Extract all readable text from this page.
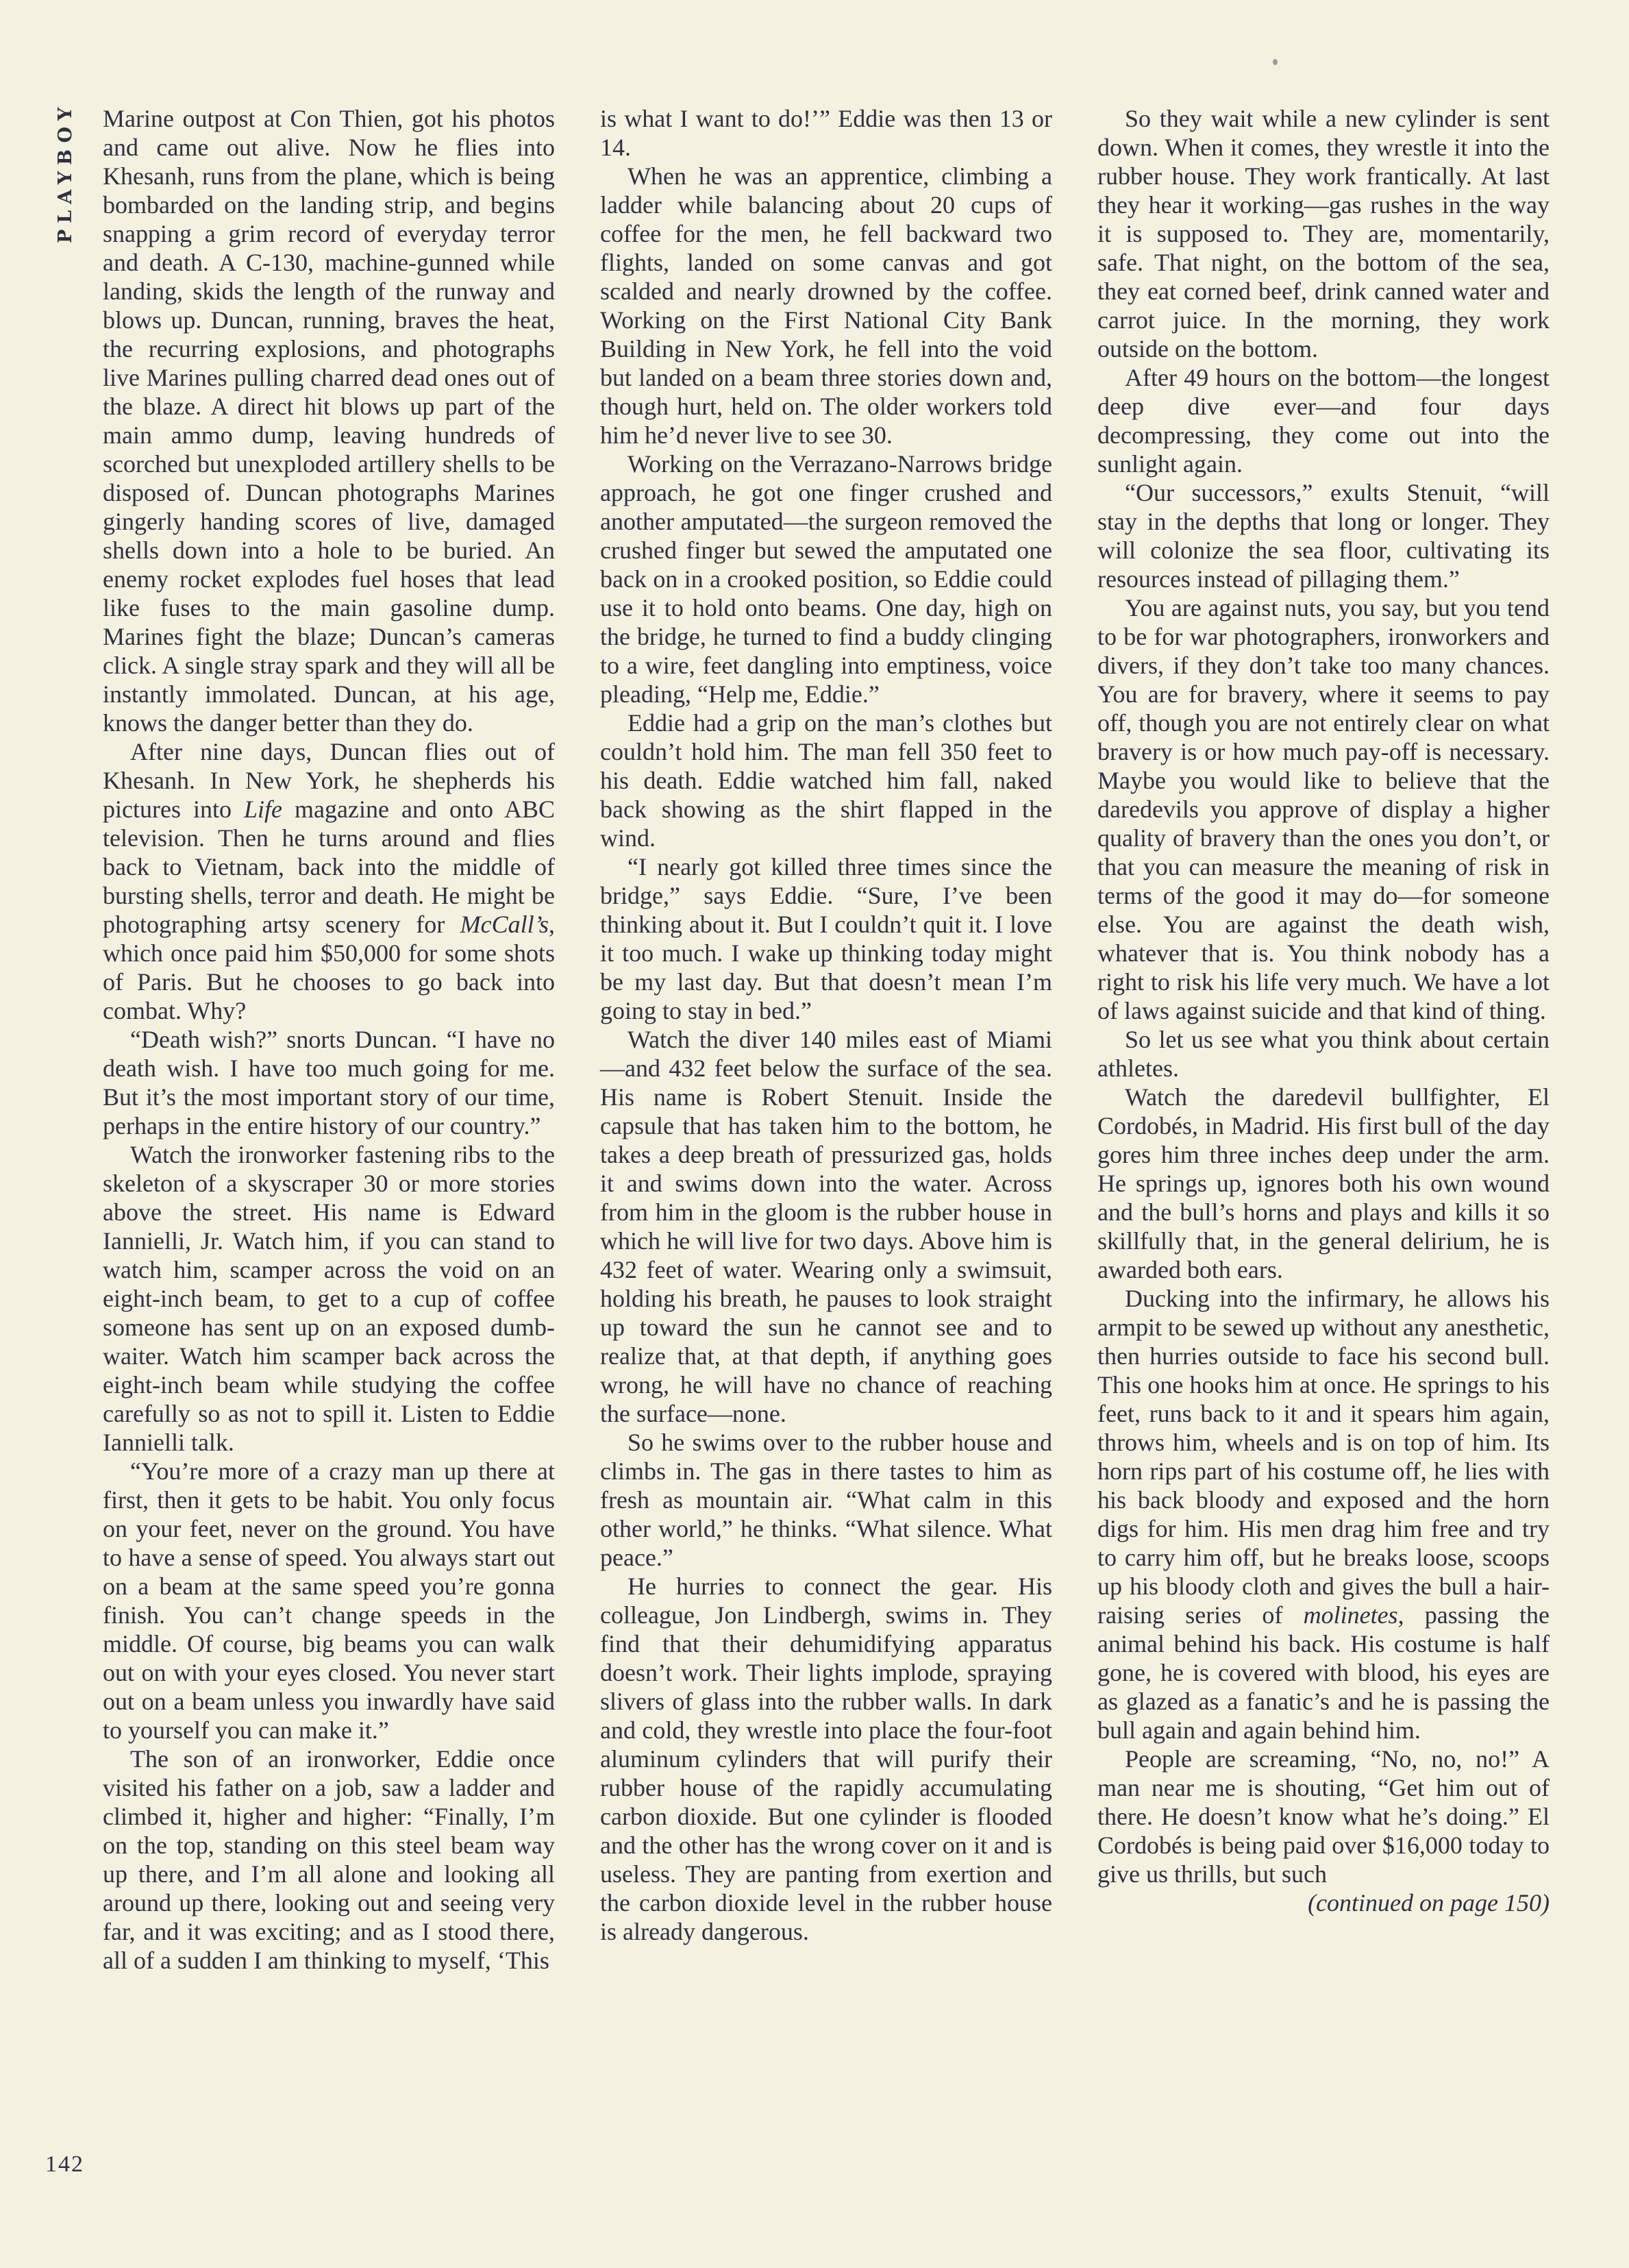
PLAYBOY Marine outpost at Con Thien, got his photos and came out alive. Now he flies into Khesanh, runs from the plane, which is being bombarded on the landing strip, and begins snapping a grim record of everyday terror and death. A C-130, machine-gunned while landing, skids the length of the runway and blows up. Duncan, running, braves the heat, the recurring explosions, and photographs live Marines pulling charred dead ones out of the blaze. A direct hit blows up part of the main ammo dump, leaving hundreds of scorched but unexploded artillery shells to be disposed of. Duncan photographs Marines gingerly handing scores of live, damaged shells down into a hole to be buried. An enemy rocket explodes fuel hoses that lead like fuses to the main gasoline dump. Marines fight the blaze; Duncan’s cameras click. A single stray spark and they will all be instantly immolated. Duncan, at his age, knows the danger better than they do.

After nine days, Duncan flies out of Khesanh. In New York, he shepherds his pictures into Life magazine and onto ABC television. Then he turns around and flies back to Vietnam, back into the middle of bursting shells, terror and death. He might be photographing artsy scenery for McCall’s, which once paid him $50,000 for some shots of Paris. But he chooses to go back into combat. Why?

“Death wish?” snorts Duncan. “I have no death wish. I have too much going for me. But it’s the most important story of our time, perhaps in the entire history of our country.”

Watch the ironworker fastening ribs to the skeleton of a skyscraper 30 or more stories above the street. His name is Edward Iannielli, Jr. Watch him, if you can stand to watch him, scamper across the void on an eight-inch beam, to get to a cup of coffee someone has sent up on an exposed dumb-waiter. Watch him scamper back across the eight-inch beam while studying the coffee carefully so as not to spill it. Listen to Eddie Iannielli talk.

“You’re more of a crazy man up there at first, then it gets to be habit. You only focus on your feet, never on the ground. You have to have a sense of speed. You always start out on a beam at the same speed you’re gonna finish. You can’t change speeds in the middle. Of course, big beams you can walk out on with your eyes closed. You never start out on a beam unless you inwardly have said to yourself you can make it.”

The son of an ironworker, Eddie once visited his father on a job, saw a ladder and climbed it, higher and higher: “Finally, I’m on the top, standing on this steel beam way up there, and I’m all alone and looking all around up there, looking out and seeing very far, and it was exciting; and as I stood there, all of a sudden I am thinking to myself, ‘This

is what I want to do!’” Eddie was then 13 or 14.

When he was an apprentice, climbing a ladder while balancing about 20 cups of coffee for the men, he fell backward two flights, landed on some canvas and got scalded and nearly drowned by the coffee. Working on the First National City Bank Building in New York, he fell into the void but landed on a beam three stories down and, though hurt, held on. The older workers told him he’d never live to see 30.

Working on the Verrazano-Narrows bridge approach, he got one finger crushed and another amputated—the surgeon removed the crushed finger but sewed the amputated one back on in a crooked position, so Eddie could use it to hold onto beams. One day, high on the bridge, he turned to find a buddy clinging to a wire, feet dangling into emptiness, voice pleading, “Help me, Eddie.”

Eddie had a grip on the man’s clothes but couldn’t hold him. The man fell 350 feet to his death. Eddie watched him fall, naked back showing as the shirt flapped in the wind.

“I nearly got killed three times since the bridge,” says Eddie. “Sure, I’ve been thinking about it. But I couldn’t quit it. I love it too much. I wake up thinking today might be my last day. But that doesn’t mean I’m going to stay in bed.”

Watch the diver 140 miles east of Miami—and 432 feet below the surface of the sea. His name is Robert Stenuit. Inside the capsule that has taken him to the bottom, he takes a deep breath of pressurized gas, holds it and swims down into the water. Across from him in the gloom is the rubber house in which he will live for two days. Above him is 432 feet of water. Wearing only a swimsuit, holding his breath, he pauses to look straight up toward the sun he cannot see and to realize that, at that depth, if anything goes wrong, he will have no chance of reaching the surface—none.

So he swims over to the rubber house and climbs in. The gas in there tastes to him as fresh as mountain air. “What calm in this other world,” he thinks. “What silence. What peace.”

He hurries to connect the gear. His colleague, Jon Lindbergh, swims in. They find that their dehumidifying apparatus doesn’t work. Their lights implode, spraying slivers of glass into the rubber walls. In dark and cold, they wrestle into place the four-foot aluminum cylinders that will purify their rubber house of the rapidly accumulating carbon dioxide. But one cylinder is flooded and the other has the wrong cover on it and is useless. They are panting from exertion and the carbon dioxide level in the rubber house is already dangerous.

So they wait while a new cylinder is sent down. When it comes, they wrestle it into the rubber house. They work frantically. At last they hear it working—gas rushes in the way it is supposed to. They are, momentarily, safe. That night, on the bottom of the sea, they eat corned beef, drink canned water and carrot juice. In the morning, they work outside on the bottom.

After 49 hours on the bottom—the longest deep dive ever—and four days decompressing, they come out into the sunlight again.

“Our successors,” exults Stenuit, “will stay in the depths that long or longer. They will colonize the sea floor, cultivating its resources instead of pillaging them.”

You are against nuts, you say, but you tend to be for war photographers, ironworkers and divers, if they don’t take too many chances. You are for bravery, where it seems to pay off, though you are not entirely clear on what bravery is or how much pay-off is necessary. Maybe you would like to believe that the daredevils you approve of display a higher quality of bravery than the ones you don’t, or that you can measure the meaning of risk in terms of the good it may do—for someone else. You are against the death wish, whatever that is. You think nobody has a right to risk his life very much. We have a lot of laws against suicide and that kind of thing.

So let us see what you think about certain athletes.

Watch the daredevil bullfighter, El Cordobés, in Madrid. His first bull of the day gores him three inches deep under the arm. He springs up, ignores both his own wound and the bull’s horns and plays and kills it so skillfully that, in the general delirium, he is awarded both ears.

Ducking into the infirmary, he allows his armpit to be sewed up without any anesthetic, then hurries outside to face his second bull. This one hooks him at once. He springs to his feet, runs back to it and it spears him again, throws him, wheels and is on top of him. Its horn rips part of his costume off, he lies with his back bloody and exposed and the horn digs for him. His men drag him free and try to carry him off, but he breaks loose, scoops up his bloody cloth and gives the bull a hair-raising series of molinetes, passing the animal behind his back. His costume is half gone, he is covered with blood, his eyes are as glazed as a fanatic’s and he is passing the bull again and again behind him.

People are screaming, “No, no, no!” A man near me is shouting, “Get him out of there. He doesn’t know what he’s doing.” El Cordobés is being paid over $16,000 today to give us thrills, but such

(continued on page 150)

142
